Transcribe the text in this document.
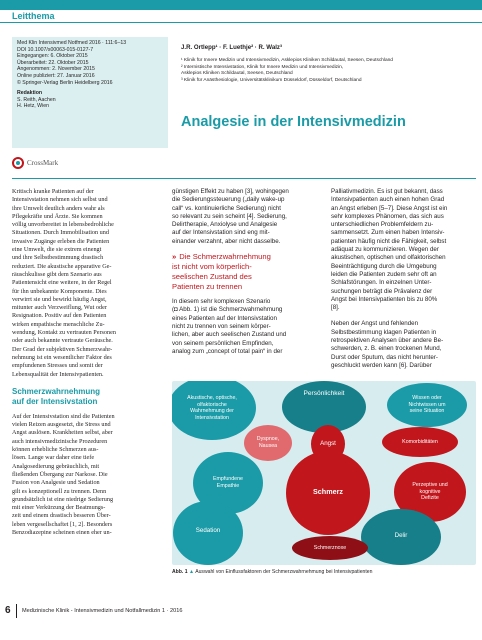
Leitthema
Med Klin Intensivmed Notfmed 2016 · 111:6–13
DOI 10.1007/s00063-015-0127-7
Eingegangen: 6. Oktober 2015
Überarbeitet: 22. Oktober 2015
Angenommen: 2. November 2015
Online publiziert: 27. Januar 2016
© Springer-Verlag Berlin Heidelberg 2016
Redaktion
S. Reith, Aachen
H. Hetz, Wien
CrossMark
J.R. Ortlepp¹ · F. Luethje² · R. Walz³
¹ Klinik für Innere Medizin und Intensivmedizin, Asklepios Kliniken Schildautal, Seesen, Deutschland
² Internistische Intensivstation, Klinik für Innere Medizin und Intensivmedizin,
Asklepios Kliniken Schildautal, Seesen, Deutschland
³ Klinik für Anästhesiologie, Universitätsklinikum Düsseldorf, Düsseldorf, Deutschland
Analgesie in der Intensivmedizin
Kritisch kranke Patienten auf der
Intensivstation nehmen sich selbst und
ihre Umwelt deutlich anders wahr als
Pflegekräfte und Ärzte. Sie kommen
völlig unvorbereitet in lebensbedrohliche
Situationen. Durch Immobilisation und
invasive Zugänge erleben die Patienten
eine Umwelt, die sie extrem einengt
und ihre Selbstbestimmung drastisch
reduziert. Die akustische apparative Ge-
räuschkulisse gibt dem Szenario aus
Patientensicht eine weitere, in der Regel
für ihn unbekannte Komponente. Dies
verwirrt sie und bewirkt häufig Angst,
mitunter auch Verzweiflung, Wut oder
Resignation. Positiv auf den Patienten
wirken empathische menschliche Zu-
wendung, Kontakt zu vertrauten Personen
oder auch bekannte vertraute Geräusche.
Der Grad der subjektiven Schmerzwahr-
nehmung ist ein wesentlicher Faktor des
empfundenen Stresses und somit der
Lebensqualität der Intensivpatienten.
Schmerzwahrnehmung
auf der Intensivstation
Auf der Intensivstation sind die Patienten
vielen Reizen ausgesetzt, die Stress und
Angst auslösen. Krankheiten selbst, aber
auch intensivmedizinische Prozeduren
können erhebliche Schmerzen aus-
lösen. Lange war daher eine tiefe
Analgosedierung gebräuchlich, mit
fließenden Übergang zur Narkose. Die
Fusion von Analgesie und Sedation
gilt es konzeptionell zu trennen. Denn
grundsätzlich ist eine niedrige Sedierung
mit einer Verkürzung der Beatmungs-
zeit und einem drastisch besseren Über-
leben vergesellschaftet [1, 2]. Besonders
Benzodiazepine scheinen einen eher un-
günstigen Effekt zu haben [3], wohingegen
die Sedierungssteuerung („daily wake-up
call“ vs. kontinuierliche Sedierung) nicht
so relevant zu sein scheint [4]. Sedierung,
Delirtherapie, Anxiolyse und Analgesie
auf der Intensivstation sind eng mit-
einander verzahnt, aber nicht dasselbe.
» Die Schmerzwahrnehmung
ist nicht vom körperlich-
seelischen Zustand des
Patienten zu trennen
In diesem sehr komplexen Szenario
(◘ Abb. 1) ist die Schmerzwahrnehmung
eines Patienten auf der Intensivstation
nicht zu trennen von seinem körper-
lichen, aber auch seelischen Zustand und
von seinem persönlichen Empfinden,
analog zum „concept of total pain“ in der
Palliativmedizin. Es ist gut bekannt, dass
Intensivpatienten auch einen hohen Grad
an Angst erleben [5–7]. Diese Angst ist ein
sehr komplexes Phänomen, das sich aus
unterschiedlichen Problemfeldern zu-
sammensetzt. Zum einen haben Intensiv-
patienten häufig nicht die Fähigkeit, selbst
adäquat zu kommunizieren. Wegen der
akustischen, optischen und olfaktorischen
Beeinträchtigung durch die Umgebung
leiden die Patienten zudem sehr oft an
Schlafstörungen. In einzelnen Unter-
suchungen beträgt die Prävalenz der
Angst bei Intensivpatienten bis zu 80%
[8].
Neben der Angst und fehlenden
Selbstbestimmung klagen Patienten in
retrospektiven Analysen über andere Be-
schwerden, z. B. einen trockenen Mund,
Durst oder Sputum, das nicht herunter-
geschluckt werden kann [6]. Darüber
Akustische, optische,
olfaktorische
Wahrnehmung der
Intensivstation
Persönlichkeit
Wissen oder
Nichtwissen um
seine Situation
Dyspnoe,
Nausea	Angst	Komorbiditäten
Empfundene
Empathie
Schmerz
Perzeptive und
kognitive
Defizite
Sedation
Delir
Schmerznoxe
Abb. 1 ▲ Auswahl von Einflussfaktoren der Schmerzwahrnehmung bei Intensivpatienten
6 Medizinische Klinik - Intensivmedizin und Notfallmedizin 1 · 2016
